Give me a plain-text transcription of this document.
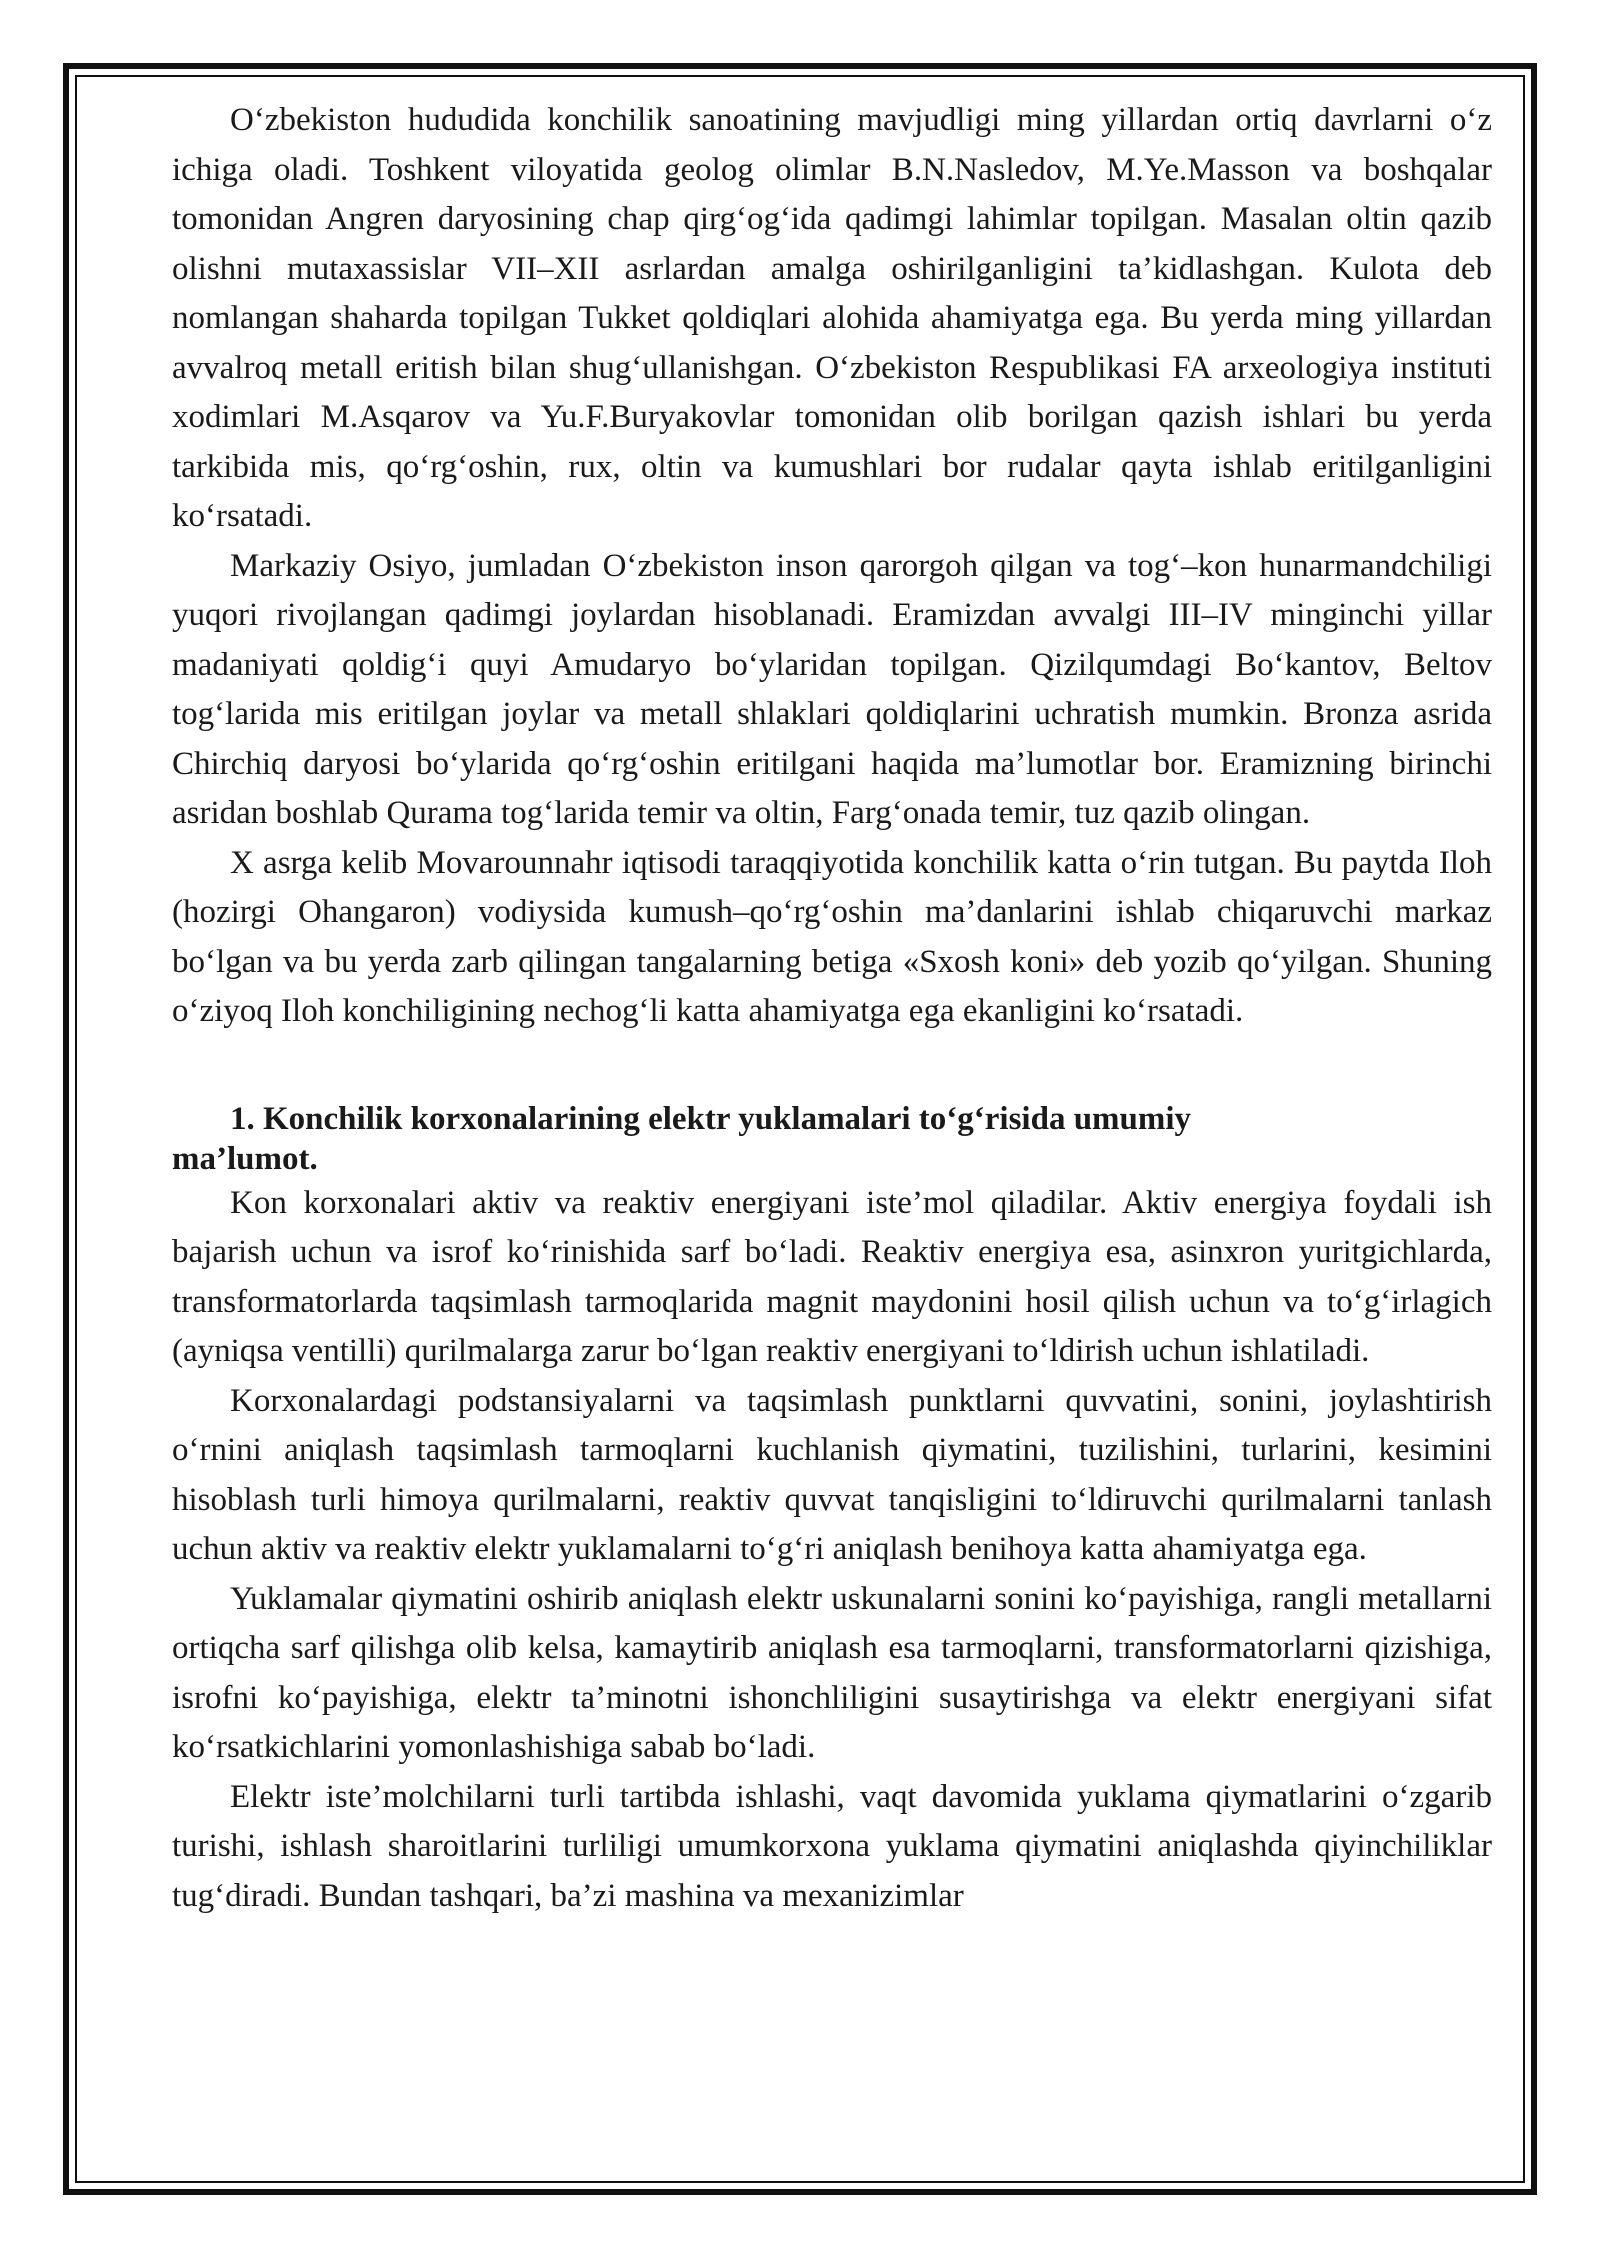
O‘zbekiston hududida konchilik sanoatining mavjudligi ming yillardan ortiq davrlarni o‘z ichiga oladi. Toshkent viloyatida geolog olimlar B.N.Nasledov, M.Ye.Masson va boshqalar tomonidan Angren daryosining chap qirg‘og‘ida qadimgi lahimlar topilgan. Masalan oltin qazib olishni mutaxassislar VII–XII asrlardan amalga oshirilganligini ta’kidlashgan. Kulota deb nomlangan shaharda topilgan Tukket qoldiqlari alohida ahamiyatga ega. Bu yerda ming yillardan avvalroq metall eritish bilan shug‘ullanishgan. O‘zbekiston Respublikasi FA arxeologiya instituti xodimlari M.Asqarov va Yu.F.Buryakovlar tomonidan olib borilgan qazish ishlari bu yerda tarkibida mis, qo‘rg‘oshin, rux, oltin va kumushlari bor rudalar qayta ishlab eritilganligini ko‘rsatadi.

Markaziy Osiyo, jumladan O‘zbekiston inson qarorgoh qilgan va tog‘–kon hunarmandchiligi yuqori rivojlangan qadimgi joylardan hisoblanadi. Eramizdan avvalgi III–IV minginchi yillar madaniyati qoldig‘i quyi Amudaryo bo‘ylaridan topilgan. Qizilqumdagi Bo‘kantov, Beltov tog‘larida mis eritilgan joylar va metall shlaklari qoldiqlarini uchratish mumkin. Bronza asrida Chirchiq daryosi bo‘ylarida qo‘rg‘oshin eritilgani haqida ma’lumotlar bor. Eramizning birinchi asridan boshlab Qurama tog‘larida temir va oltin, Farg‘onada temir, tuz qazib olingan.

X asrga kelib Movarounnahr iqtisodi taraqqiyotida konchilik katta o‘rin tutgan. Bu paytda Iloh (hozirgi Ohangaron) vodiysida kumush–qo‘rg‘oshin ma’danlarini ishlab chiqaruvchi markaz bo‘lgan va bu yerda zarb qilingan tangalarning betiga «Sxosh koni» deb yozib qo‘yilgan. Shuning o‘ziyoq Iloh konchiligining nechog‘li katta ahamiyatga ega ekanligini ko‘rsatadi.

1. Konchilik korxonalarining elektr yuklamalari to‘g‘risida umumiy ma’lumot.

Kon korxonalari aktiv va reaktiv energiyani iste’mol qiladilar. Aktiv energiya foydali ish bajarish uchun va isrof ko‘rinishida sarf bo‘ladi. Reaktiv energiya esa, asinxron yuritgichlarda, transformatorlarda taqsimlash tarmoqlarida magnit maydonini hosil qilish uchun va to‘g‘irlagich (ayniqsa ventilli) qurilmalarga zarur bo‘lgan reaktiv energiyani to‘ldirish uchun ishlatiladi.

Korxonalardagi podstansiyalarni va taqsimlash punktlarni quvvatini, sonini, joylashtirish o‘rnini aniqlash taqsimlash tarmoqlarni kuchlanish qiymatini, tuzilishini, turlarini, kesimini hisoblash turli himoya qurilmalarni, reaktiv quvvat tanqisligini to‘ldiruvchi qurilmalarni tanlash uchun aktiv va reaktiv elektr yuklamalarni to‘g‘ri aniqlash benihoya katta ahamiyatga ega.

Yuklamalar qiymatini oshirib aniqlash elektr uskunalarni sonini ko‘payishiga, rangli metallarni ortiqcha sarf qilishga olib kelsa, kamaytirib aniqlash esa tarmoqlarni, transformatorlarni qizishiga, isrofni ko‘payishiga, elektr ta’minotni ishonchliligini susaytirishga va elektr energiyani sifat ko‘rsatkichlarini yomonlashishiga sabab bo‘ladi.

Elektr iste’molchilarni turli tartibda ishlashi, vaqt davomida yuklama qiymatlarini o‘zgarib turishi, ishlash sharoitlarini turliligi umumkorxona yuklama qiymatini aniqlashda qiyinchiliklar tug‘diradi. Bundan tashqari, ba’zi mashina va mexanizimlar
